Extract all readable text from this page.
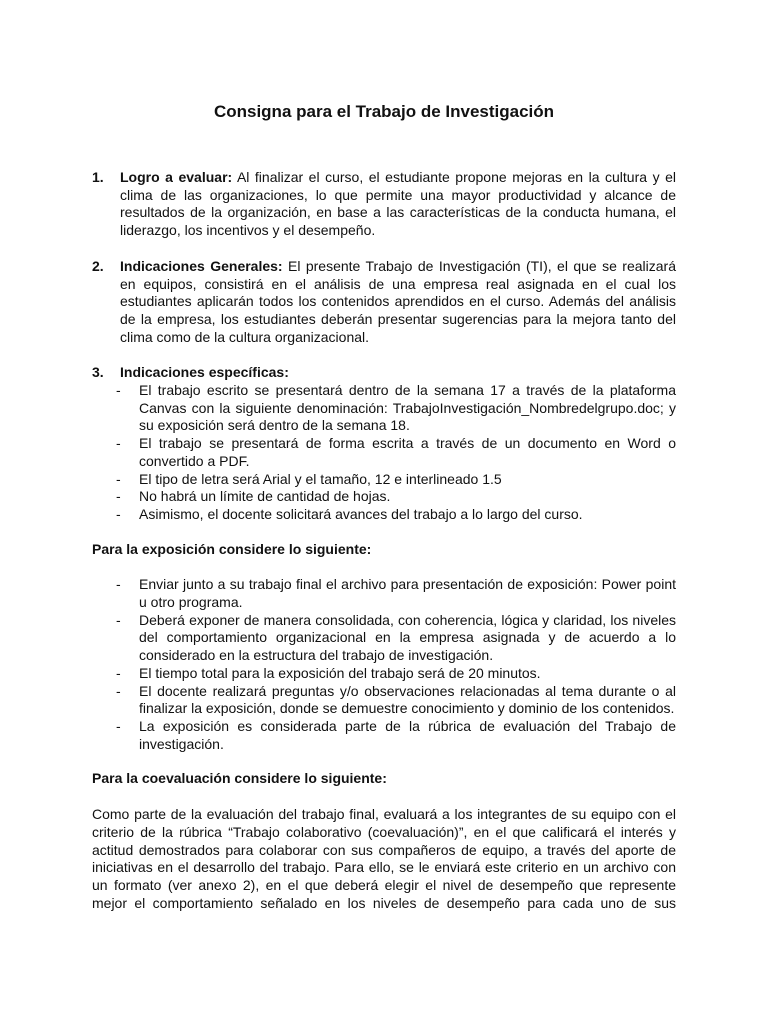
Consigna para el Trabajo de Investigación
1.	Logro a evaluar: Al finalizar el curso, el estudiante propone mejoras en la cultura y el clima de las organizaciones, lo que permite una mayor productividad y alcance de resultados de la organización, en base a las características de la conducta humana, el liderazgo, los incentivos y el desempeño.
2.	Indicaciones Generales: El presente Trabajo de Investigación (TI), el que se realizará en equipos, consistirá en el análisis de una empresa real asignada en el cual los estudiantes aplicarán todos los contenidos aprendidos en el curso. Además del análisis de la empresa, los estudiantes deberán presentar sugerencias para la mejora tanto del clima como de la cultura organizacional.
3.	Indicaciones específicas:
-	El trabajo escrito se presentará dentro de la semana 17 a través de la plataforma Canvas con la siguiente denominación: TrabajoInvestigación_Nombredelgrupo.doc; y su exposición será dentro de la semana 18.
-	El trabajo se presentará de forma escrita a través de un documento en Word o convertido a PDF.
-	El tipo de letra será Arial y el tamaño, 12 e interlineado 1.5
-	No habrá un límite de cantidad de hojas.
-	Asimismo, el docente solicitará avances del trabajo a lo largo del curso.
Para la exposición considere lo siguiente:
-	Enviar junto a su trabajo final el archivo para presentación de exposición: Power point u otro programa.
-	Deberá exponer de manera consolidada, con coherencia, lógica y claridad, los niveles del comportamiento organizacional en la empresa asignada y de acuerdo a lo considerado en la estructura del trabajo de investigación.
-	El tiempo total para la exposición del trabajo será de 20 minutos.
-	El docente realizará preguntas y/o observaciones relacionadas al tema durante o al finalizar la exposición, donde se demuestre conocimiento y dominio de los contenidos.
-	La exposición es considerada parte de la rúbrica de evaluación del Trabajo de investigación.
Para la coevaluación considere lo siguiente:
Como parte de la evaluación del trabajo final, evaluará a los integrantes de su equipo con el criterio de la rúbrica “Trabajo colaborativo (coevaluación)”, en el que calificará el interés y actitud demostrados para colaborar con sus compañeros de equipo, a través del aporte de iniciativas en el desarrollo del trabajo. Para ello, se le enviará este criterio en un archivo con un formato (ver anexo 2), en el que deberá elegir el nivel de desempeño que represente mejor el comportamiento señalado en los niveles de desempeño para cada uno de sus
